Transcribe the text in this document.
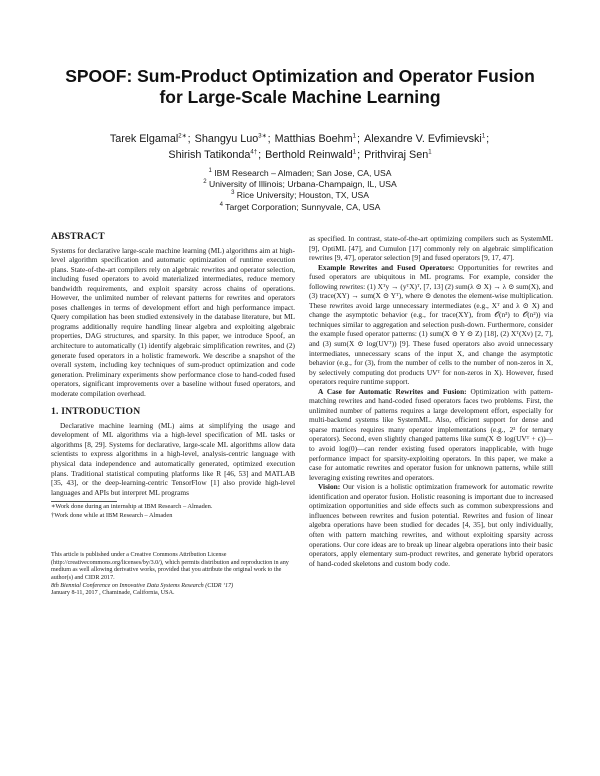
SPOOF: Sum-Product Optimization and Operator Fusion
for Large-Scale Machine Learning
Tarek Elgamal$^{2∗}$; Shangyu Luo$^{3∗}$; Matthias Boehm$^1$; Alexandre V. Evfimievski$^1$;
Shirish Tatikonda$^{4\dagger}$; Berthold Reinwald$^1$; Prithviraj Sen$^1$
$^1$ IBM Research – Almaden; San Jose, CA, USA
$^2$ University of Illinois; Urbana-Champaign, IL, USA
$^3$ Rice University; Houston, TX, USA
$^4$ Target Corporation; Sunnyvale, CA, USA
ABSTRACT

Systems for declarative large-scale machine learning (ML) algorithms aim at high-level algorithm specification and automatic optimization of runtime execution plans. State-of-the-art compilers rely on algebraic rewrites and operator selection, including fused operators to avoid materialized intermediates, reduce memory bandwidth requirements, and exploit sparsity across chains of operations. However, the unlimited number of relevant patterns for rewrites and operators poses challenges in terms of development effort and high performance impact. Query compilation has been studied extensively in the database literature, but ML programs additionally require handling linear algebra and exploiting algebraic properties, DAG structures, and sparsity. In this paper, we introduce Spoof, an architecture to automatically (1) identify algebraic simplification rewrites, and (2) generate fused operators in a holistic framework. We describe a snapshot of the overall system, including key techniques of sum-product optimization and code generation. Preliminary experiments show performance close to hand-coded fused operators, significant improvements over a baseline without fused operators, and moderate compilation overhead.

1. INTRODUCTION

Declarative machine learning (ML) aims at simplifying the usage and development of ML algorithms via a high-level specification of ML tasks or algorithms [8, 29]. Systems for declarative, large-scale ML algorithms allow data scientists to express algorithms in a high-level, analysis-centric language with physical data independence and automatically generated, optimized execution plans. Traditional statistical computing platforms like R [46, 53] and MATLAB [35, 43], or the deep-learning-centric TensorFlow [1] also provide high-level languages and APIs but interpret ML programs

∗Work done during an internship at IBM Research – Almaden.
†Work done while at IBM Research – Almaden
This article is published under a Creative Commons Attribution License (http://creativecommons.org/licenses/by/3.0/), which permits distribution and reproduction in any medium as well allowing derivative works, provided that you attribute the original work to the author(s) and CIDR 2017.
8th Biennial Conference on Innovative Data Systems Research (CIDR ‘17)
January 8-11, 2017 , Chaminade, California, USA.

as specified. In contrast, state-of-the-art optimizing compilers such as SystemML [9], OptiML [47], and Cumulon [17] commonly rely on algebraic simplification rewrites [9, 47], operator selection [9] and fused operators [9, 17, 47].

Example Rewrites and Fused Operators: Opportunities for rewrites and fused operators are ubiquitous in ML programs. For example, consider the following rewrites: (1) Xᵀy → (yᵀX)ᵀ, [7, 13] (2) sum(λ ⊙ X) → λ ⊙ sum(X), and (3) trace(XY) → sum(X ⊙ Yᵀ), where ⊙ denotes the element-wise multiplication. These rewrites avoid large unnecessary intermediates (e.g., Xᵀ and λ ⊙ X) and change the asymptotic behavior (e.g., for trace(XY), from 𝒪(n³) to 𝒪(n²)) via techniques similar to aggregation and selection push-down. Furthermore, consider the example fused operator patterns: (1) sum(X ⊙ Y ⊙ Z) [18], (2) Xᵀ(Xv) [2, 7], and (3) sum(X ⊙ log(UVᵀ)) [9]. These fused operators also avoid unnecessary intermediates, unnecessary scans of the input X, and change the asymptotic behavior (e.g., for (3), from the number of cells to the number of non-zeros in X, by selectively computing dot products UVᵀ for non-zeros in X). However, fused operators require runtime support.

A Case for Automatic Rewrites and Fusion: Optimization with pattern-matching rewrites and hand-coded fused operators faces two problems. First, the unlimited number of patterns requires a large development effort, especially for multi-backend systems like SystemML. Also, efficient support for dense and sparse matrices requires many operator implementations (e.g., 2³ for ternary operators). Second, even slightly changed patterns like sum(X ⊙ log(UVᵀ + ϵ))—to avoid log(0)—can render existing fused operators inapplicable, with huge performance impact for sparsity-exploiting operators. In this paper, we make a case for automatic rewrites and operator fusion for unknown patterns, while still leveraging existing rewrites and operators.

Vision: Our vision is a holistic optimization framework for automatic rewrite identification and operator fusion. Holistic reasoning is important due to increased optimization opportunities and side effects such as common subexpressions and influences between rewrites and fusion potential. Rewrites and fusion of linear algebra operations have been studied for decades [4, 35], but only individually, often with pattern matching rewrites, and without exploiting sparsity across operations. Our core ideas are to break up linear algebra operations into their basic operators, apply elementary sum-product rewrites, and generate hybrid operators of hand-coded skeletons and custom body code.
